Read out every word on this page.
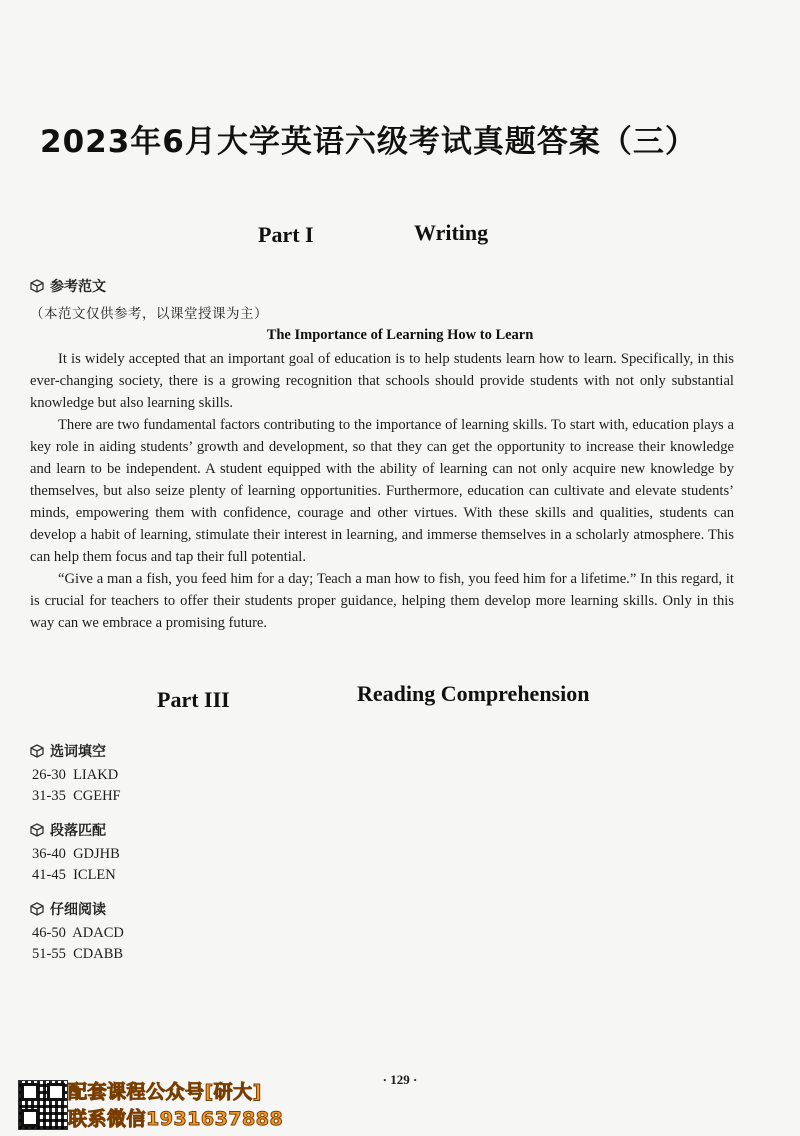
2023年6月大学英语六级考试真题答案（三）
Part I	Writing
参考范文
（本范文仅供参考，以课堂授课为主）
The Importance of Learning How to Learn

It is widely accepted that an important goal of education is to help students learn how to learn. Specifically, in this ever-changing society, there is a growing recognition that schools should provide students with not only substantial knowledge but also learning skills.

There are two fundamental factors contributing to the importance of learning skills. To start with, education plays a key role in aiding students’ growth and development, so that they can get the opportunity to increase their knowledge and learn to be independent. A student equipped with the ability of learning can not only acquire new knowledge by themselves, but also seize plenty of learning opportunities. Furthermore, education can cultivate and elevate students’ minds, empowering them with confidence, courage and other virtues. With these skills and qualities, students can develop a habit of learning, stimulate their interest in learning, and immerse themselves in a scholarly atmosphere. This can help them focus and tap their full potential.

“Give a man a fish, you feed him for a day; Teach a man how to fish, you feed him for a lifetime.” In this regard, it is crucial for teachers to offer their students proper guidance, helping them develop more learning skills. Only in this way can we embrace a promising future.

Part III	Reading Comprehension
选词填空
26-30  LIAKD
31-35  CGEHF
段落匹配
36-40  GDJHB
41-45  ICLEN
仔细阅读
46-50  ADACD
51-55  CDABB
· 129 ·
配套课程公众号[研大]
联系微信1931637888
